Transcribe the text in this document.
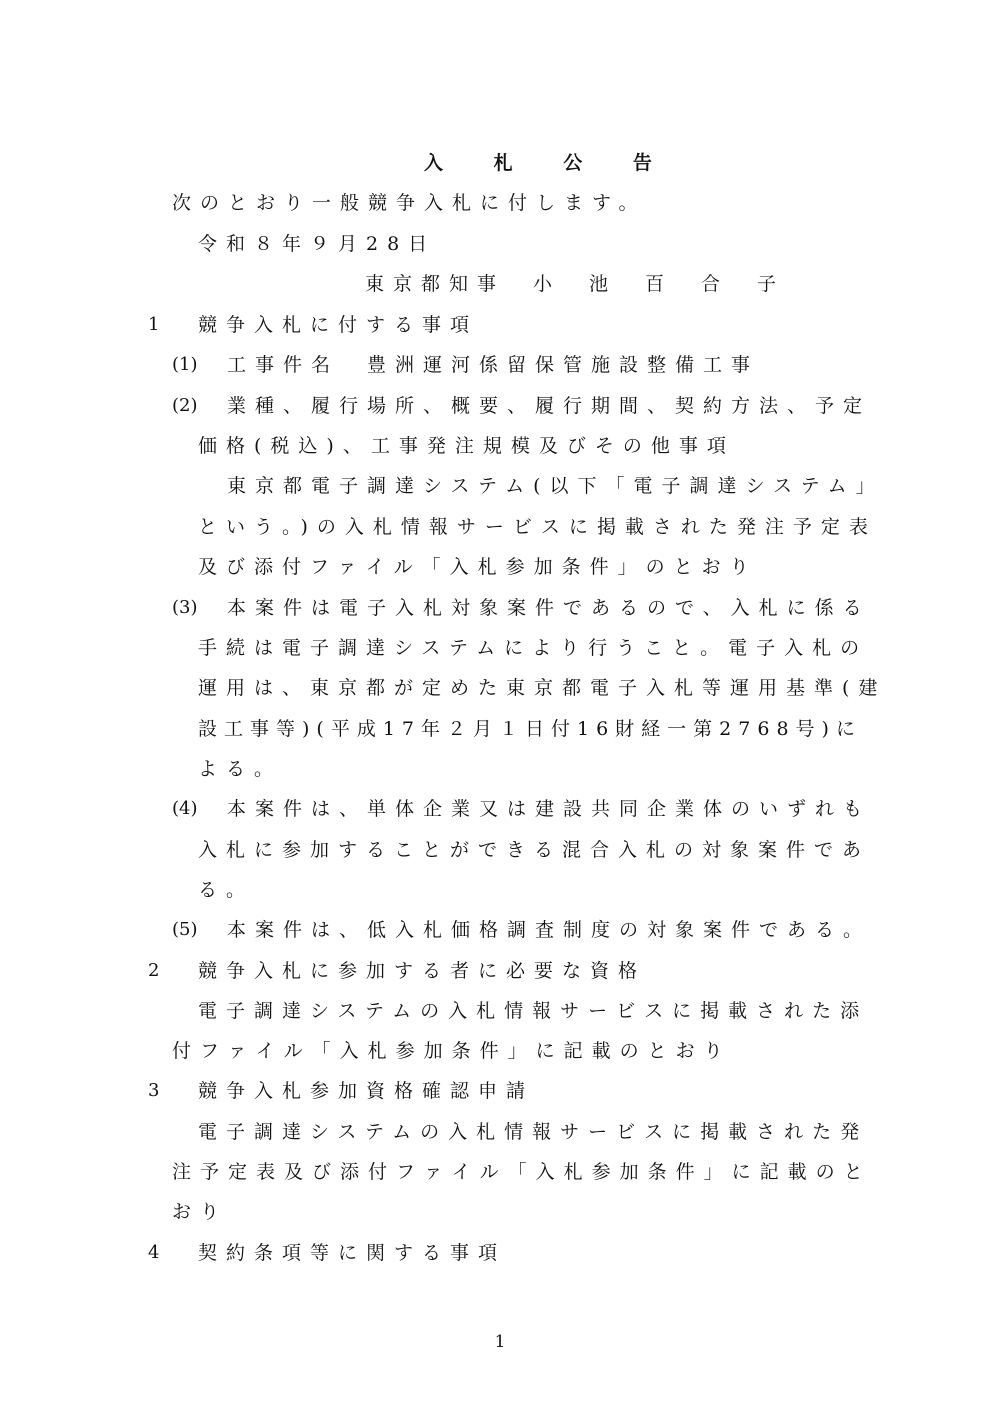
入 札 公 告
次のとおり一般競争入札に付します。
令和８年９月28日
東京都知事　小　池　百　合　子
1 競争入札に付する事項
(1) 工事件名　豊洲運河係留保管施設整備工事
(2) 業種、履行場所、概要、履行期間、契約方法、予定
価格(税込)、工事発注規模及びその他事項
東京都電子調達システム(以下「電子調達システム」
という。)の入札情報サービスに掲載された発注予定表
及び添付ファイル「入札参加条件」のとおり
(3) 本案件は電子入札対象案件であるので、入札に係る
手続は電子調達システムにより行うこと。電子入札の
運用は、東京都が定めた東京都電子入札等運用基準(建
設工事等)(平成17年２月１日付16財経一第2768号)に
よる。
(4) 本案件は、単体企業又は建設共同企業体のいずれも
入札に参加することができる混合入札の対象案件であ
る。
(5) 本案件は、低入札価格調査制度の対象案件である。
2 競争入札に参加する者に必要な資格
電子調達システムの入札情報サービスに掲載された添
付ファイル「入札参加条件」に記載のとおり
3 競争入札参加資格確認申請
電子調達システムの入札情報サービスに掲載された発
注予定表及び添付ファイル「入札参加条件」に記載のと
おり
4 契約条項等に関する事項
1
